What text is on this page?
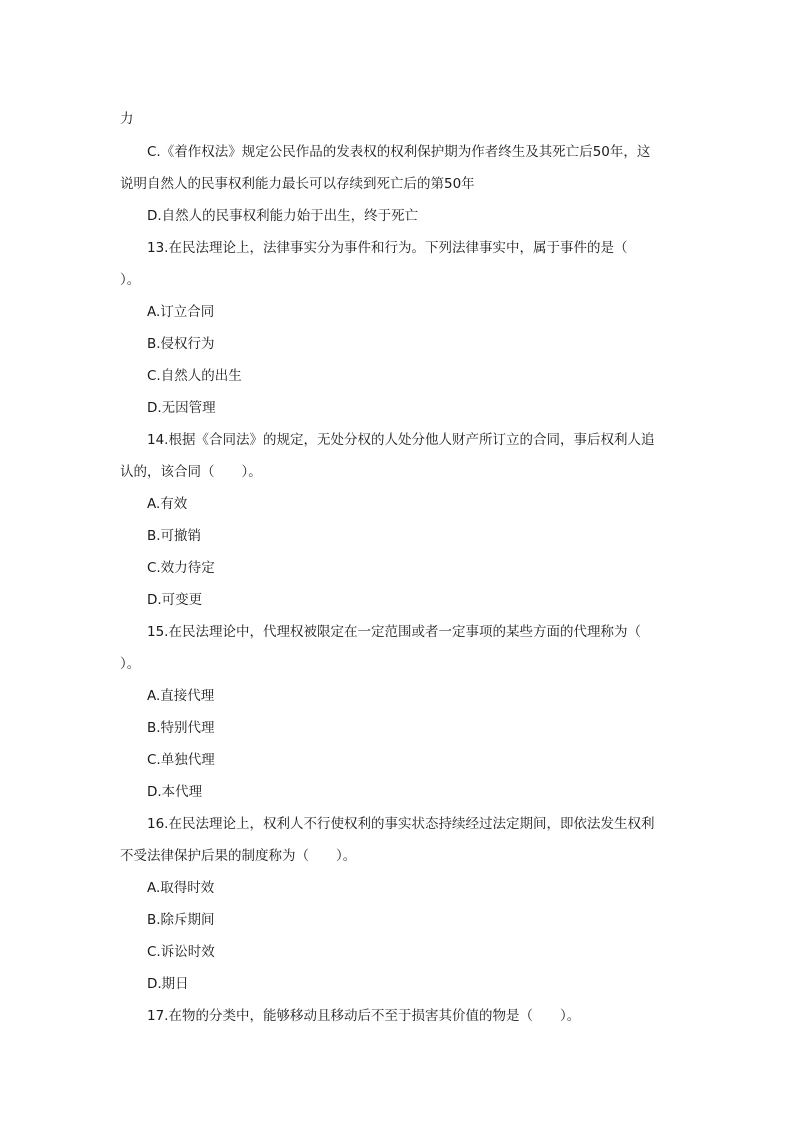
力
C.《着作权法》规定公民作品的发表权的权利保护期为作者终生及其死亡后50年，这
说明自然人的民事权利能力最长可以存续到死亡后的第50年
D.自然人的民事权利能力始于出生，终于死亡
13.在民法理论上，法律事实分为事件和行为。下列法律事实中，属于事件的是（
）。
A.订立合同
B.侵权行为
C.自然人的出生
D.无因管理
14.根据《合同法》的规定，无处分权的人处分他人财产所订立的合同，事后权利人追
认的，该合同（　　）。
A.有效
B.可撤销
C.效力待定
D.可变更
15.在民法理论中，代理权被限定在一定范围或者一定事项的某些方面的代理称为（
）。
A.直接代理
B.特别代理
C.单独代理
D.本代理
16.在民法理论上，权利人不行使权利的事实状态持续经过法定期间，即依法发生权利
不受法律保护后果的制度称为（　　）。
A.取得时效
B.除斥期间
C.诉讼时效
D.期日
17.在物的分类中，能够移动且移动后不至于损害其价值的物是（　　）。
